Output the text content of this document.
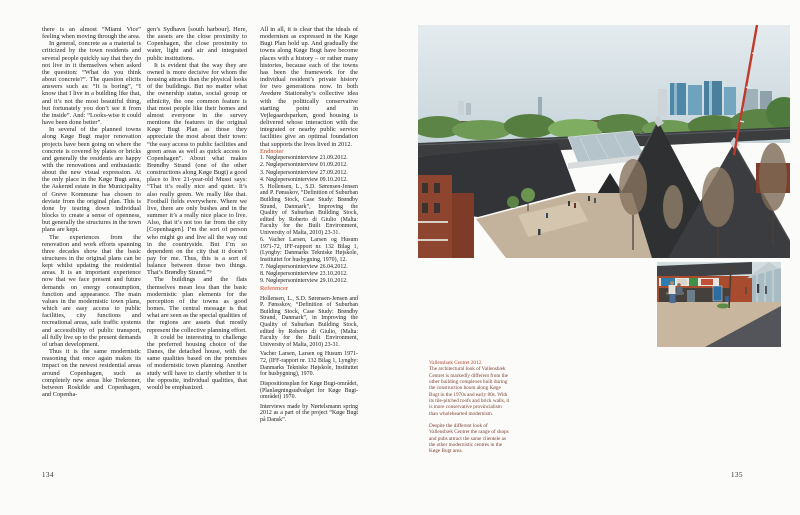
there is an almost “Miami Vice” feeling when moving through the area.

In general, concrete as a material is criticized by the town residents and several people quickly say that they do not live in it themselves when asked the question: “What do you think about concrete?”. The question elicits answers such as: “It is boring”, “I know that I live in a building like that, and it’s not the most beautiful thing, but fortunately you don’t see it from the inside”. And: “Looks-wise it could have been done better”.

In several of the planned towns along Køge Bugt major renovation projects have been going on where the concrete is covered by plates or bricks and generally the residents are happy with the renovations and enthusiastic about the new visual expression. At the only place in the Køge Bugt area, the Askerød estate in the Municipality of Greve Kommune has chosen to deviate from the original plan. This is done by tearing down individual blocks to create a sense of openness, but generally the structures in the town plans are kept.

The experiences from the renovation and work efforts spanning three decades show that the basic structures in the original plans can be kept whilst updating the residential areas. It is an important experience now that we face present and future demands on energy consumption, function and appearance. The main values in the modernistic town plans, which are easy access to public facilities, city functions and recreational areas, safe traffic systems and accessibility of public transport, all fully live up to the present demands of urban development.

Thus it is the same modernistic reasoning that once again makes its impact on the newest residential areas around Copenhagen, such as completely new areas like Trekroner, between Roskilde and Copenhagen, and Copenha-

gen’s Sydhavn [south harbour]. Here, the assets are the close proximity to Copenhagen, the close proximity to water, light and air and integrated public institutions.

It is evident that the way they are owned is more decisive for whom the housing attracts than the physical looks of the buildings. But no matter what the ownership status, social group or ethnicity, the one common feature is that most people like their homes and almost everyone in the survey mentions the features in the original Køge Bugt Plan as those they appreciate the most about their town: “the easy access to public facilities and green areas as well as quick access to Copenhagen”. About what makes Brøndby Strand (one of the other constructions along Køge Bugt) a good place to live 21-year-old Mussi says: “That it’s really nice and quiet. It’s also really green. We really like that. Football fields everywhere. Where we live, there are only bushes and in the summer it’s a really nice place to live. Also, that it’s not too far from the city [Copenhagen]. I’m the sort of person who might go and live all the way out in the countryside. But I’m so dependent on the city that it doesn’t pay for me. Thus, this is a sort of balance between those two things. That’s Brøndby Strand.”⁹

The buildings and the flats themselves mean less than the basic modernistic plan elements for the perception of the towns as good homes. The central message is that what are seen as the special qualities of the regions are assets that mostly represent the collective planning effort.

It could be interesting to challenge the preferred housing choice of the Danes, the detached house, with the same qualities based on the premises of modernistic town planning. Another study will have to clarify whether it is the opposite, individual qualities, that would be emphasized.

All in all, it is clear that the ideals of modernism as expressed in the Køge Bugt Plan hold up. And gradually the towns along Køge Bugt have become places with a history – or rather many histories, because each of the towns has been the framework for the individual resident’s private history for two generations now. In both Avedøre Stationsby’s collective idea with the politically conservative starting point and in Vejlegaardsparken, good housing is delivered whose interaction with the integrated or nearby public service facilities give an optimal foundation that supports the lives lived in 2012.

Endnoter

1. Nøglepersoninterview 21.09.2012.

2. Nøglepersoninterview 01.09.2012.

3. Nøglepersoninterview 27.09.2012.

4. Nøglepersoninterview 09.10.2012.

5. Hollensen, L., S.D. Sørensen-Jensen and P. Fønsskov, “Definition of Suburban Building Stock, Case Study: Brøndby Strand, Danmark”, Improving the Quality of Suburban Building Stock, edited by Roberto di Giulio (Malta: Faculty for the Built Environment, University of Malta, 2010) 23-31.

6. Vacher Larsen, Larsen og Husum 1971-72, IFF-rapport nr. 132 Bilag 1, (Lyngby: Danmarks Tekniske Højskole, Instituttet for husbygning, 1970), 12.

7. Nøglepersoninterview 26.04.2012.

8. Nøglepersoninterview 23.10.2012.

9. Nøglepersoninterview 29.10.2012.

Referencer

Hollensen, L., S.D. Sørensen-Jensen and P. Fønsskov, “Definition of Suburban Building Stock, Case Study: Brøndby Strand, Danmark”, in Improving the Quality of Suburban Building Stock, edited by Roberto di Giulio, (Malta: Faculty for the Built Environment, University of Malta, 2010) 23-31.

Vacher Larsen, Larsen og Husum 1971-72, (IFF-rapport nr. 132 Bilag 1, Lyngby: Danmarks Tekniske Højskole, Instituttet for husbygning), 1970.

Dispositionsplan for Køge Bugt-området, (Planlægningsudvalget for Køge Bugt-området) 1970.

Interviews made by Nørtelsmann spring 2012 as a part of the project “Køge Bugt på Dansk”.

134

Vallensbæk Centret 2012.

The architectural look of Vallensbæk Centret is markedly different from the other building complexes built during the construction boom along Køge Bugt in the 1970s and early 80s. With its tile-pitched roofs and brick walls, it is more conservative provincialism than wholehearted modernism.

Despite the different look of Vallensbæk Centret the range of shops and pubs attract the same clientele as the other modernistic centres in the Køge Bugt area.

135
